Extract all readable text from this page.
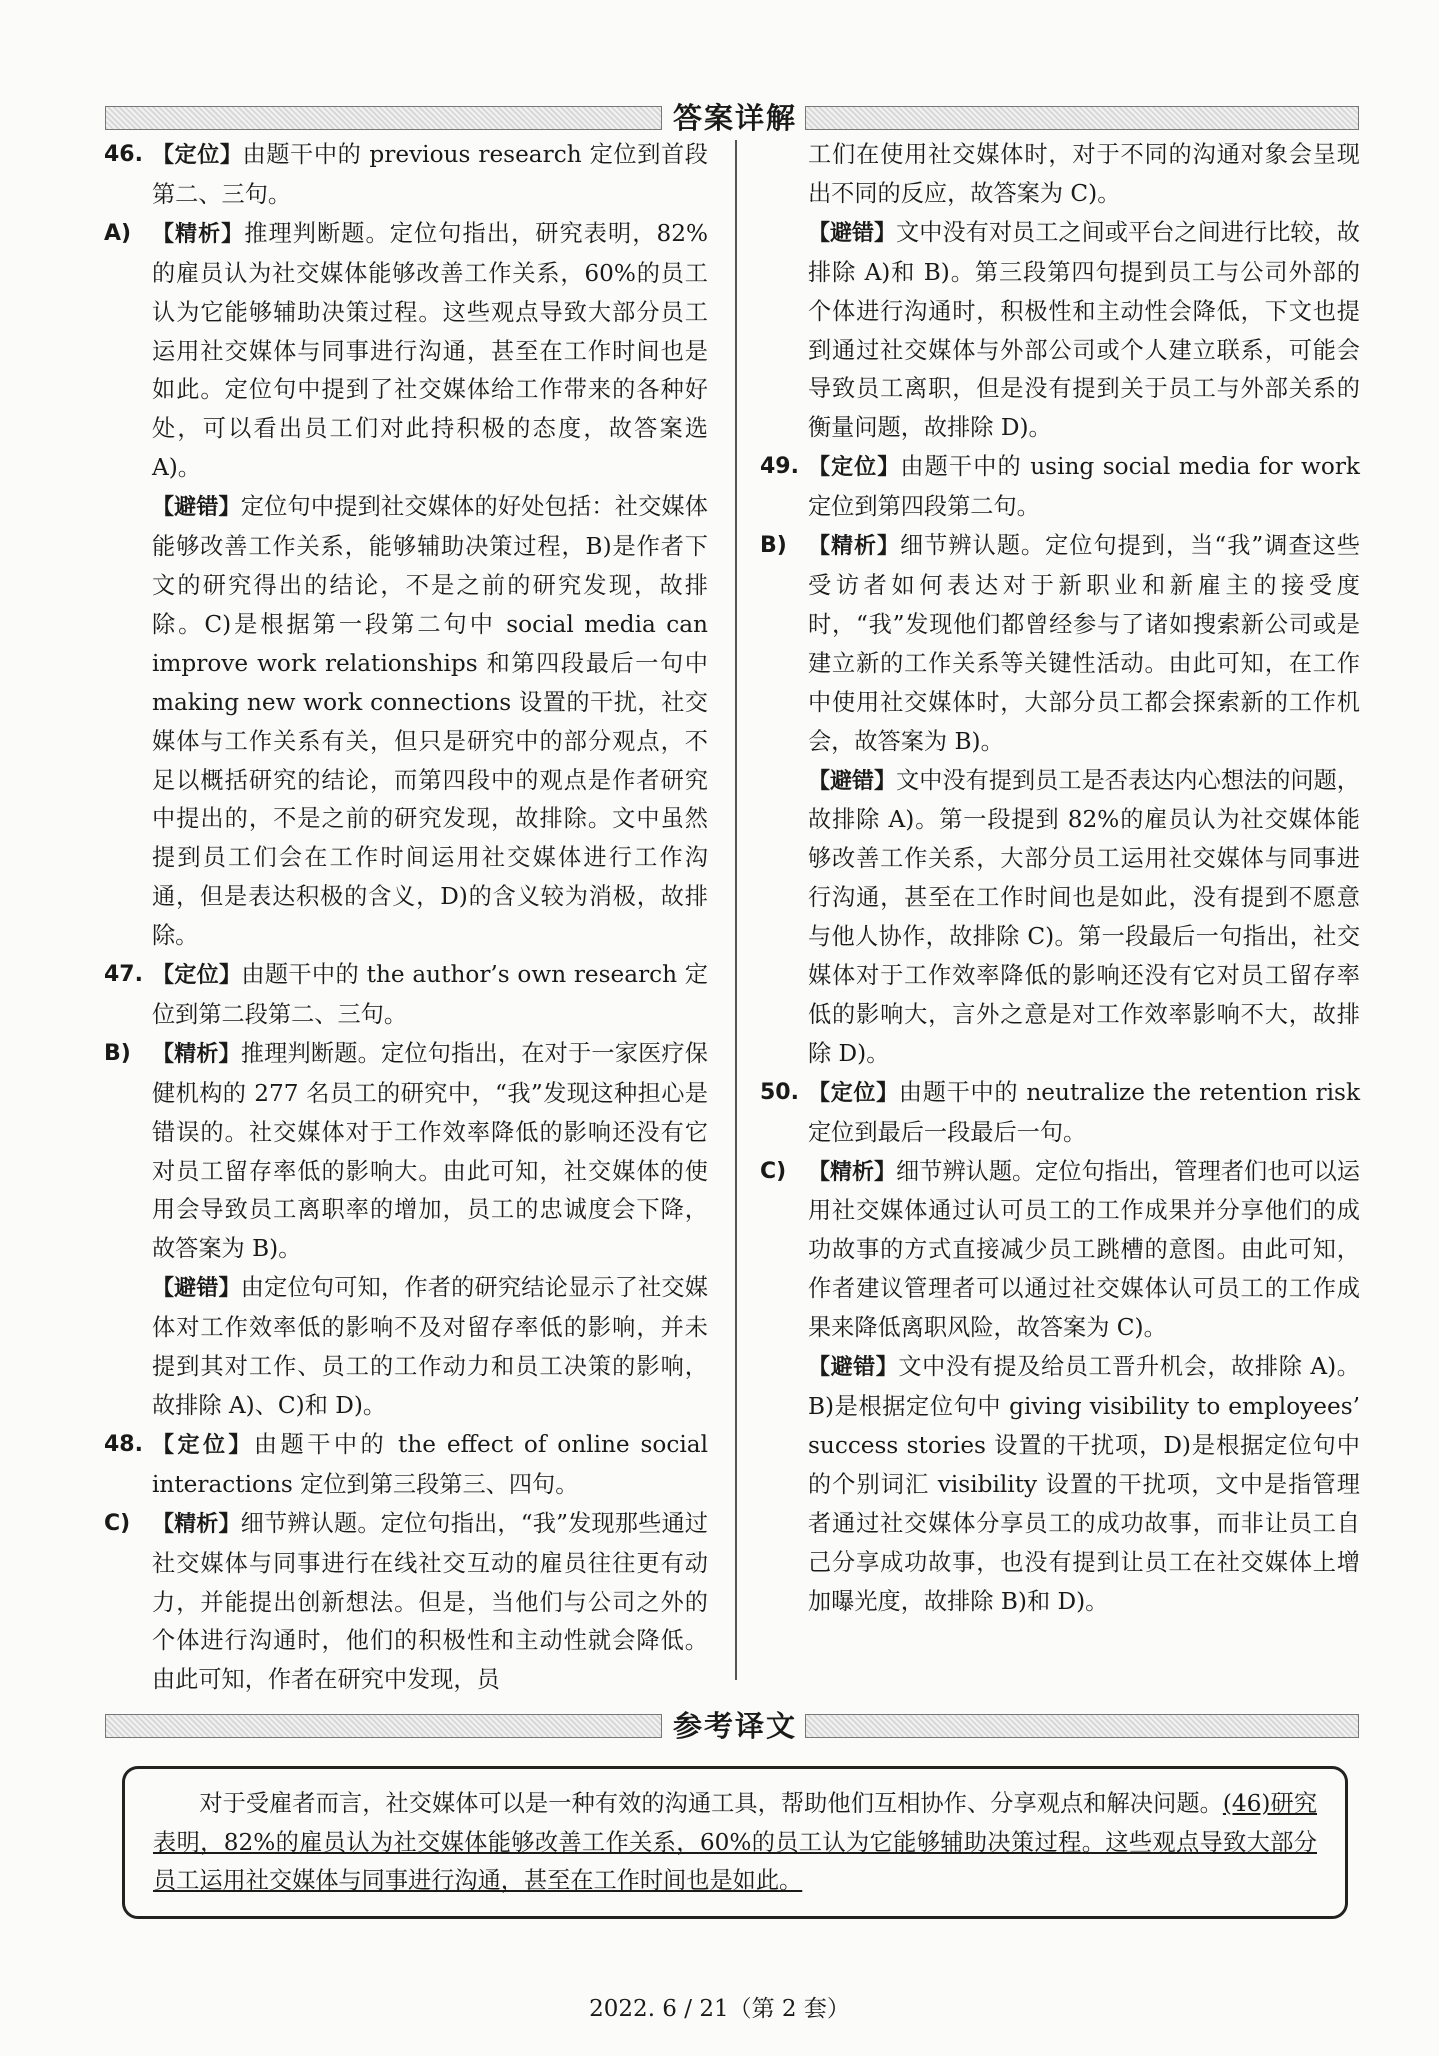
答案详解
46. 【定位】由题干中的 previous research 定位到首段第二、三句。

A) 【精析】推理判断题。定位句指出，研究表明，82%的雇员认为社交媒体能够改善工作关系，60%的员工认为它能够辅助决策过程。这些观点导致大部分员工运用社交媒体与同事进行沟通，甚至在工作时间也是如此。定位句中提到了社交媒体给工作带来的各种好处，可以看出员工们对此持积极的态度，故答案选 A)。

【避错】定位句中提到社交媒体的好处包括：社交媒体能够改善工作关系，能够辅助决策过程，B)是作者下文的研究得出的结论，不是之前的研究发现，故排除。C)是根据第一段第二句中 social media can improve work relationships 和第四段最后一句中 making new work connections 设置的干扰，社交媒体与工作关系有关，但只是研究中的部分观点，不足以概括研究的结论，而第四段中的观点是作者研究中提出的，不是之前的研究发现，故排除。文中虽然提到员工们会在工作时间运用社交媒体进行工作沟通，但是表达积极的含义，D)的含义较为消极，故排除。

47. 【定位】由题干中的 the author’s own research 定位到第二段第二、三句。

B) 【精析】推理判断题。定位句指出，在对于一家医疗保健机构的 277 名员工的研究中，“我”发现这种担心是错误的。社交媒体对于工作效率降低的影响还没有它对员工留存率低的影响大。由此可知，社交媒体的使用会导致员工离职率的增加，员工的忠诚度会下降，故答案为 B)。

【避错】由定位句可知，作者的研究结论显示了社交媒体对工作效率低的影响不及对留存率低的影响，并未提到其对工作、员工的工作动力和员工决策的影响，故排除 A)、C)和 D)。

48. 【定位】由题干中的 the effect of online social interactions 定位到第三段第三、四句。

C) 【精析】细节辨认题。定位句指出，“我”发现那些通过社交媒体与同事进行在线社交互动的雇员往往更有动力，并能提出创新想法。但是，当他们与公司之外的个体进行沟通时，他们的积极性和主动性就会降低。由此可知，作者在研究中发现，员

工们在使用社交媒体时，对于不同的沟通对象会呈现出不同的反应，故答案为 C)。

【避错】文中没有对员工之间或平台之间进行比较，故排除 A)和 B)。第三段第四句提到员工与公司外部的个体进行沟通时，积极性和主动性会降低，下文也提到通过社交媒体与外部公司或个人建立联系，可能会导致员工离职，但是没有提到关于员工与外部关系的衡量问题，故排除 D)。

49. 【定位】由题干中的 using social media for work 定位到第四段第二句。

B) 【精析】细节辨认题。定位句提到，当“我”调查这些受访者如何表达对于新职业和新雇主的接受度时，“我”发现他们都曾经参与了诸如搜索新公司或是建立新的工作关系等关键性活动。由此可知，在工作中使用社交媒体时，大部分员工都会探索新的工作机会，故答案为 B)。

【避错】文中没有提到员工是否表达内心想法的问题，故排除 A)。第一段提到 82%的雇员认为社交媒体能够改善工作关系，大部分员工运用社交媒体与同事进行沟通，甚至在工作时间也是如此，没有提到不愿意与他人协作，故排除 C)。第一段最后一句指出，社交媒体对于工作效率降低的影响还没有它对员工留存率低的影响大，言外之意是对工作效率影响不大，故排除 D)。

50. 【定位】由题干中的 neutralize the retention risk 定位到最后一段最后一句。

C) 【精析】细节辨认题。定位句指出，管理者们也可以运用社交媒体通过认可员工的工作成果并分享他们的成功故事的方式直接减少员工跳槽的意图。由此可知，作者建议管理者可以通过社交媒体认可员工的工作成果来降低离职风险，故答案为 C)。

【避错】文中没有提及给员工晋升机会，故排除 A)。B)是根据定位句中 giving visibility to employees’ success stories 设置的干扰项，D)是根据定位句中的个别词汇 visibility 设置的干扰项，文中是指管理者通过社交媒体分享员工的成功故事，而非让员工自己分享成功故事，也没有提到让员工在社交媒体上增加曝光度，故排除 B)和 D)。

参考译文

对于受雇者而言，社交媒体可以是一种有效的沟通工具，帮助他们互相协作、分享观点和解决问题。(46)研究表明，82%的雇员认为社交媒体能够改善工作关系，60%的员工认为它能够辅助决策过程。这些观点导致大部分员工运用社交媒体与同事进行沟通，甚至在工作时间也是如此。

2022. 6 / 21（第 2 套）
